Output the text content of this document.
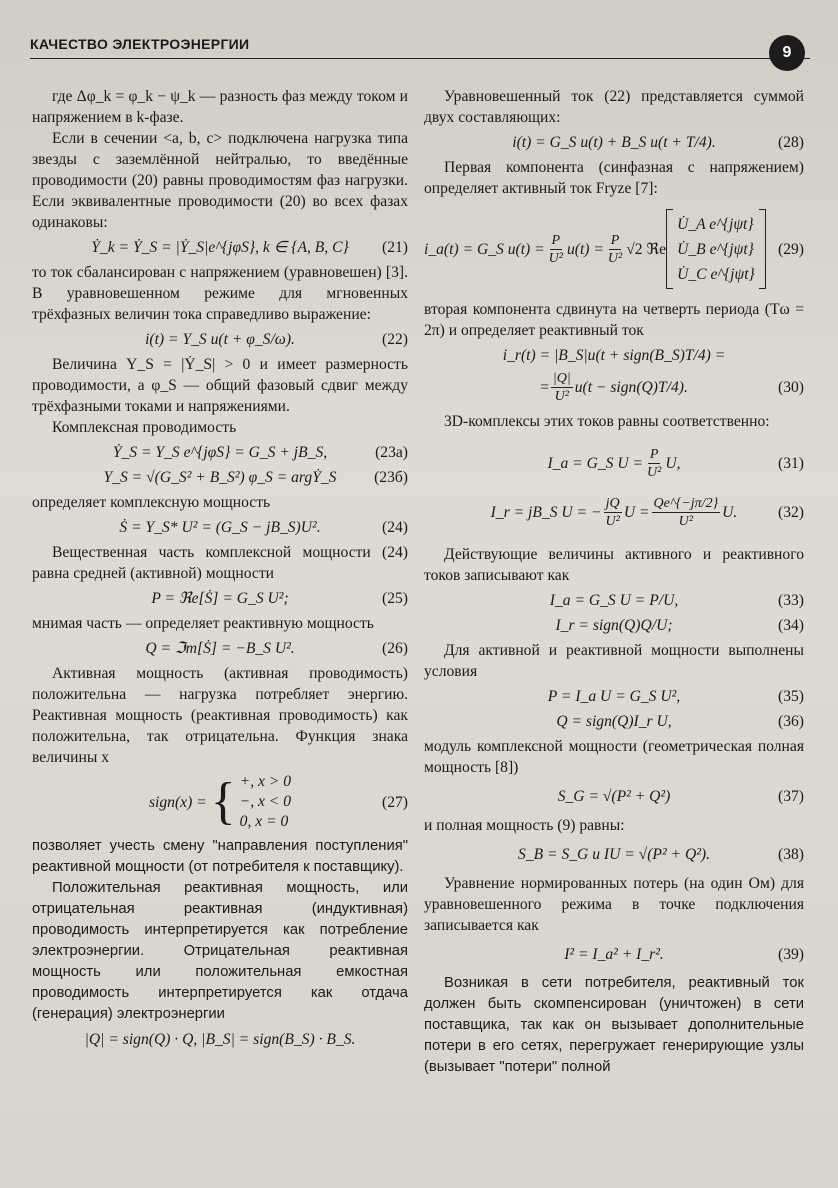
КАЧЕСТВО ЭЛЕКТРОЭНЕРГИИ	9

где Δφ_k = φ_k − ψ_k — разность фаз между током и напряжением в k-фазе.

Если в сечении <a, b, c> подключена нагрузка типа звезды с заземлённой нейтралью, то введённые проводимости (20) равны проводимостям фаз нагрузки. Если эквивалентные проводимости (20) во всех фазах одинаковы:

Ẏ_k = Ẏ_S = |Ẏ_S|e^{jφS}, k ∈ {A, B, C} (21)

то ток сбалансирован с напряжением (уравновешен) [3]. В уравновешенном режиме для мгновенных трёхфазных величин тока справедливо выражение:

i(t) = Y_S u(t + φ_S/ω).	(22)

Величина Y_S = |Ẏ_S| > 0 и имеет размерность проводимости, а φ_S — общий фазовый сдвиг между трёхфазными токами и напряжениями.

Комплексная проводимость

Ẏ_S = Y_S e^{jφS} = G_S + jB_S,	(23а)
Y_S = √(G_S² + B_S²) φ_S = argẎ_S (23б)

определяет комплексную мощность

Ṡ = Y_S* U² = (G_S − jB_S)U².	(24)

Вещественная часть комплексной мощности (24) равна средней (активной) мощности

P = ℜe[Ṡ] = G_S U²;	(25)

мнимая часть — определяет реактивную мощность

Q = ℑm[Ṡ] = −B_S U².	(26)

Активная мощность (активная проводимость) положительна — нагрузка потребляет энергию. Реактивная мощность (реактивная проводимость) как положительна, так отрицательна. Функция знака величины x

sign(x) = { +, x > 0
−, x < 0
0, x = 0
(27)

позволяет учесть смену "направления поступления" реактивной мощности (от потребителя к поставщику).

Положительная реактивная мощность, или отрицательная реактивная (индуктивная) проводимость интерпретируется как потребление электроэнергии. Отрицательная реактивная мощность или положительная емкостная проводимость интерпретируется как отдача (генерация) электроэнергии

|Q| = sign(Q) · Q, |B_S| = sign(B_S) · B_S.

Уравновешенный ток (22) представляется суммой двух составляющих:

i(t) = G_S u(t) + B_S u(t + T/4).	(28)

Первая компонента (синфазная с напряжением) определяет активный ток Fryze [7]:

i_a(t) = G_S $u(t) = \frac{P}{\text{U²}} u(t) = \frac{P}{\text{U²}} √2$ ℜe
U̇_A e^{jψt}
U̇_B e^{jψt}
U̇_C e^{jψt}
(29)

вторая компонента сдвинута на четверть периода (Tω = 2π) и определяет реактивный ток

i_r(t) = |B_S|u(t + sign(B_S)T/4) =
= $\frac{|Q|}{\text{U²}} u(t$ − sign(Q)T/4).	(30)

3D-комплексы этих токов равны соответственно:

I_a = G_S $U = \frac{P}{\text{U²}} U$,	(31)
I_r = jB_S U = − $\frac{jQ}{\text{U²}}$ $U = \frac{Qe\^{}\{-j\pi/2\}}{\text{U²}} U$.	(32)

Действующие величины активного и реактивного токов записывают как

I_a = G_S U = P/U,	(33)
I_r = sign(Q)Q/U;	(34)

Для активной и реактивной мощности выполнены условия

P = I_a U = G_S U²,	(35)
Q = sign(Q)I_r U,	(36)

модуль комплексной мощности (геометрическая полная мощность [8])

S_G = √(P² + Q²)	(37)

и полная мощность (9) равны:

S_B = S_G и IU = √(P² + Q²).	(38)

Уравнение нормированных потерь (на один Ом) для уравновешенного режима в точке подключения записывается как

I² = I_a² + I_r².	(39)

Возникая в сети потребителя, реактивный ток должен быть скомпенсирован (уничтожен) в сети поставщика, так как он вызывает дополнительные потери в его сетях, перегружает генерирующие узлы (вызывает "потери" полной
